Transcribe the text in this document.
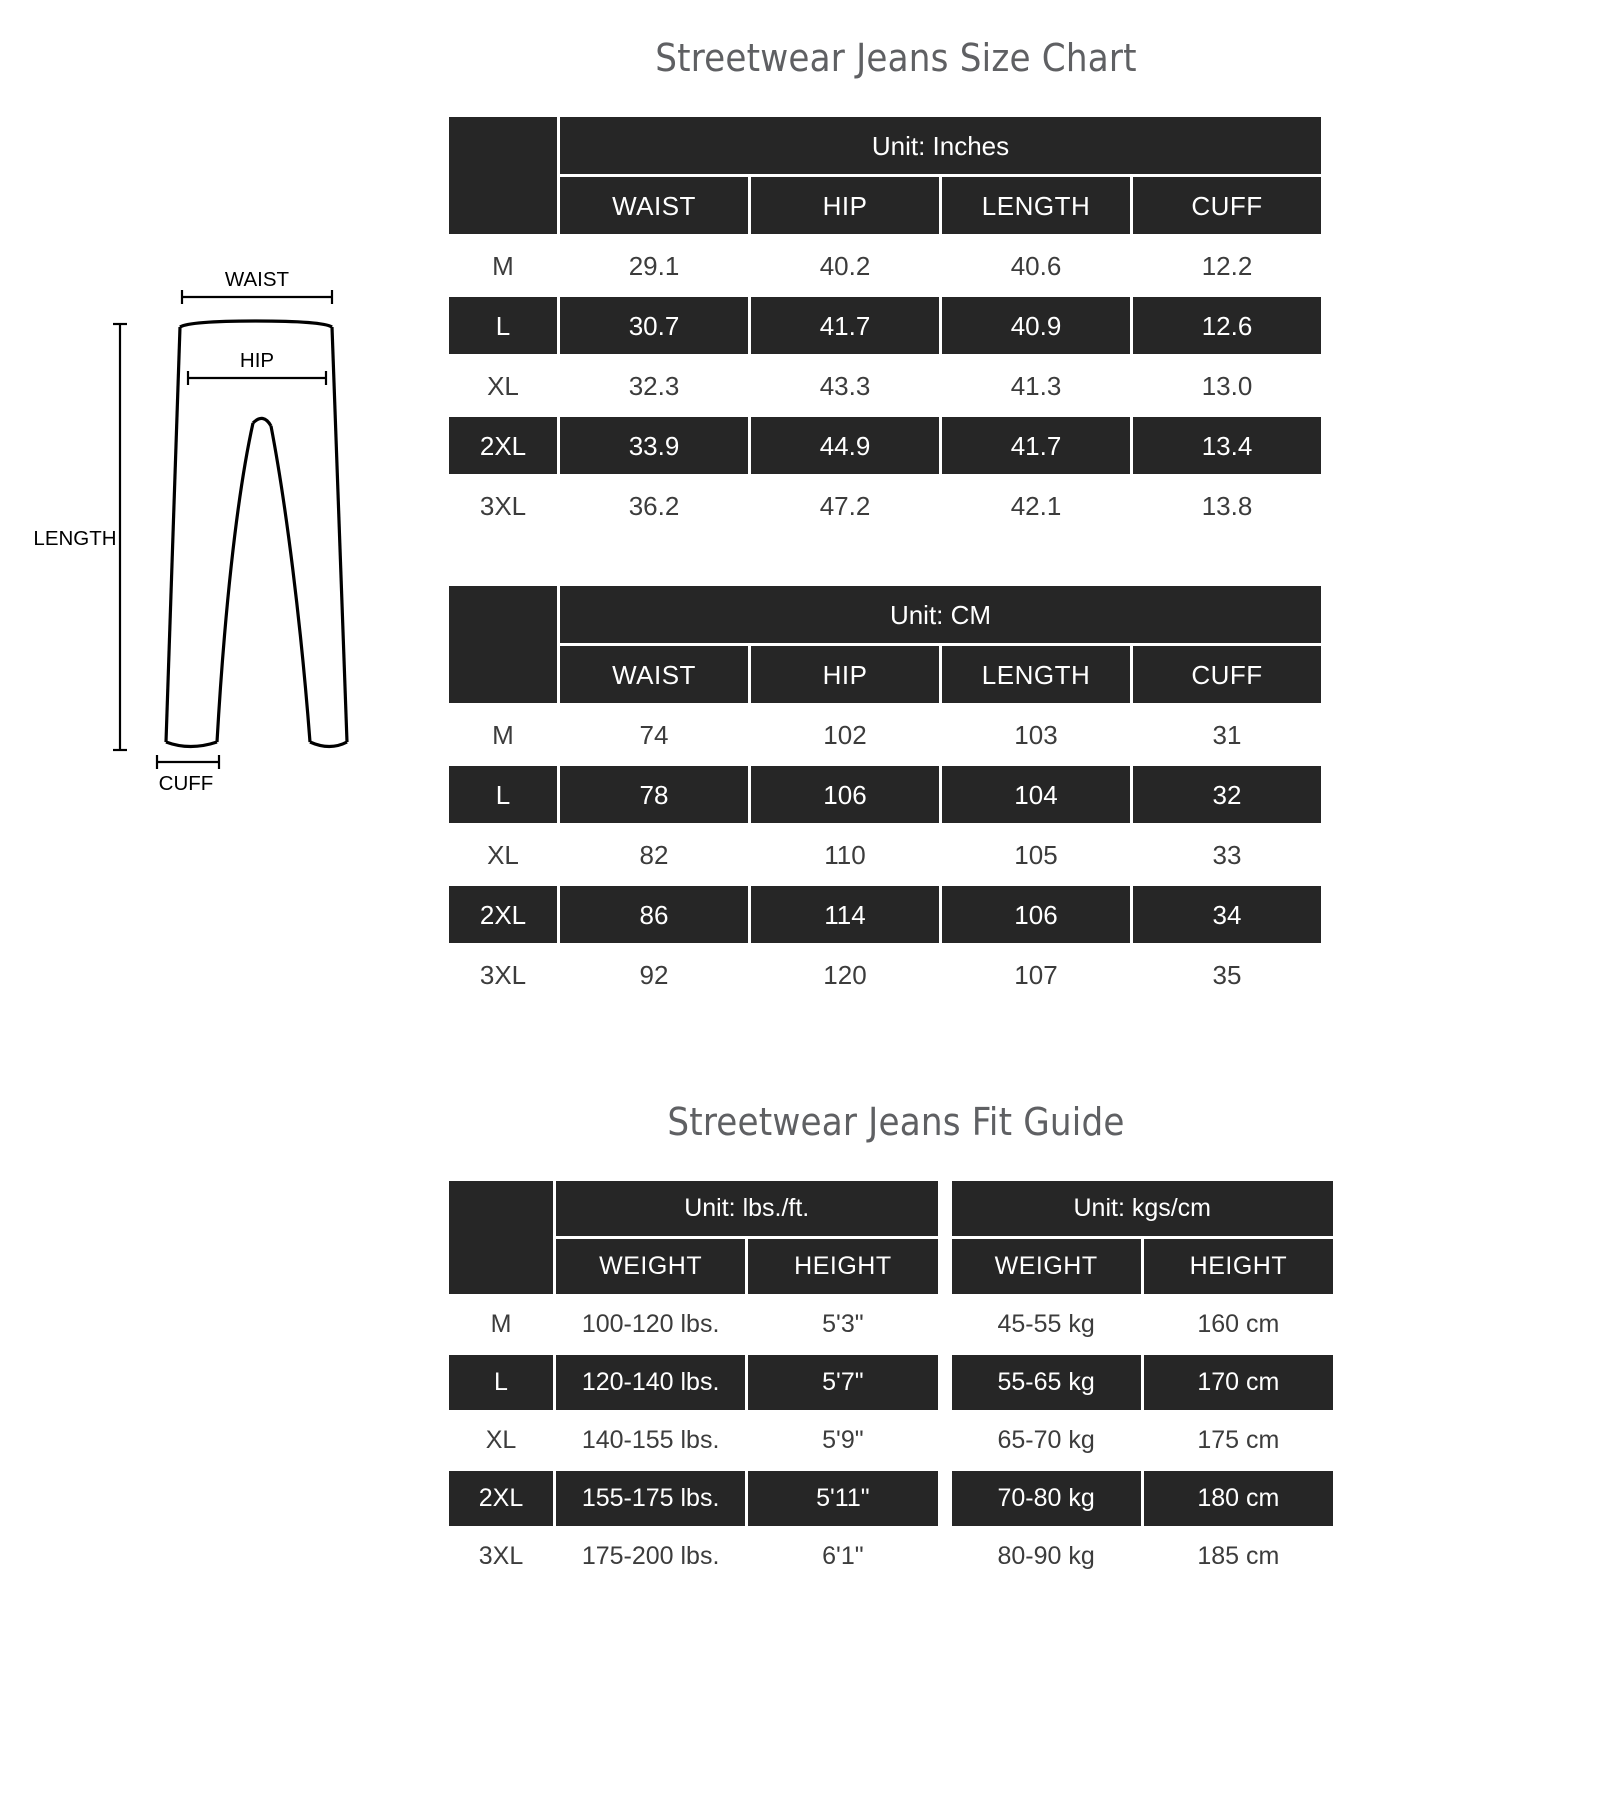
WAIST
HIP
LENGTH
CUFF
Streetwear Jeans Size Chart
	Unit: Inches			
	WAIST	HIP	LENGTH	CUFF
M	29.1	40.2	40.6	12.2
L	30.7	41.7	40.9	12.6
XL	32.3	43.3	41.3	13.0
2XL	33.9	44.9	41.7	13.4
3XL	36.2	47.2	42.1	13.8
	Unit: CM			
	WAIST	HIP	LENGTH	CUFF
M	74	102	103	31
L	78	106	104	32
XL	82	110	105	33
2XL	86	114	106	34
3XL	92	120	107	35
Streetwear Jeans Fit Guide
	Unit: lbs./ft.			Unit: kgs/cm	
	WEIGHT	HEIGHT		WEIGHT	HEIGHT
M	100-120 lbs.	5'3"		45-55 kg	160 cm
L	120-140 lbs.	5'7"		55-65 kg	170 cm
XL	140-155 lbs.	5'9"		65-70 kg	175 cm
2XL	155-175 lbs.	5'11"		70-80 kg	180 cm
3XL	175-200 lbs.	6'1"		80-90 kg	185 cm
